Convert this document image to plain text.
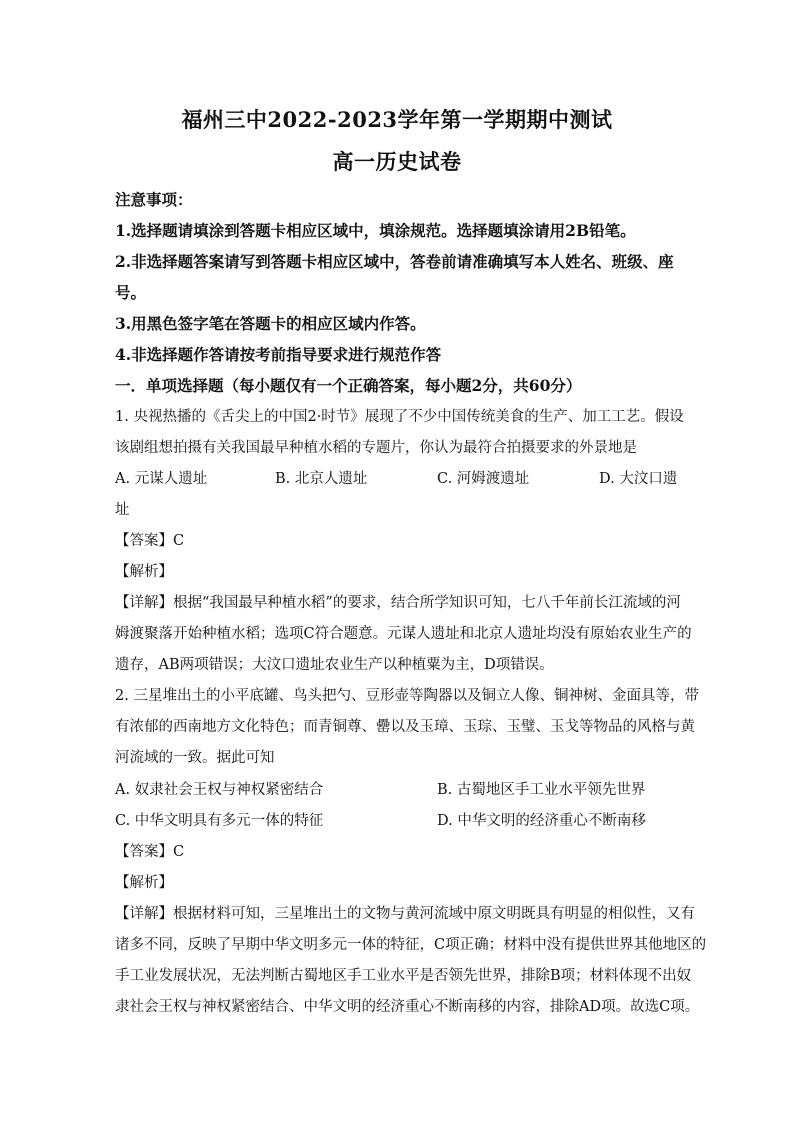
福州三中2022-2023学年第一学期期中测试
高一历史试卷
注意事项：
1.选择题请填涂到答题卡相应区域中，填涂规范。选择题填涂请用2B铅笔。
2.非选择题答案请写到答题卡相应区域中，答卷前请准确填写本人姓名、班级、座
号。
3.用黑色签字笔在答题卡的相应区域内作答。
4.非选择题作答请按考前指导要求进行规范作答
一．单项选择题（每小题仅有一个正确答案，每小题2分，共60分）
1. 央视热播的《舌尖上的中国2·时节》展现了不少中国传统美食的生产、加工工艺。假设
该剧组想拍摄有关我国最早种植水稻的专题片，你认为最符合拍摄要求的外景地是
A. 元谋人遗址	B. 北京人遗址	C. 河姆渡遗址	D. 大汶口遗
址
【答案】C
【解析】
【详解】根据“我国最早种植水稻”的要求，结合所学知识可知，七八千年前长江流域的河
姆渡聚落开始种植水稻；选项C符合题意。元谋人遗址和北京人遗址均没有原始农业生产的
遗存，AB两项错误；大汶口遗址农业生产以种植粟为主，D项错误。
2. 三星堆出土的小平底罐、鸟头把勺、豆形壶等陶器以及铜立人像、铜神树、金面具等，带
有浓郁的西南地方文化特色；而青铜尊、罍以及玉璋、玉琮、玉璧、玉戈等物品的风格与黄
河流域的一致。据此可知
A. 奴隶社会王权与神权紧密结合	B. 古蜀地区手工业水平领先世界
C. 中华文明具有多元一体的特征	D. 中华文明的经济重心不断南移
【答案】C
【解析】
【详解】根据材料可知，三星堆出土的文物与黄河流域中原文明既具有明显的相似性，又有
诸多不同，反映了早期中华文明多元一体的特征，C项正确；材料中没有提供世界其他地区的
手工业发展状况，无法判断古蜀地区手工业水平是否领先世界，排除B项；材料体现不出奴
隶社会王权与神权紧密结合、中华文明的经济重心不断南移的内容，排除AD项。故选C项。
